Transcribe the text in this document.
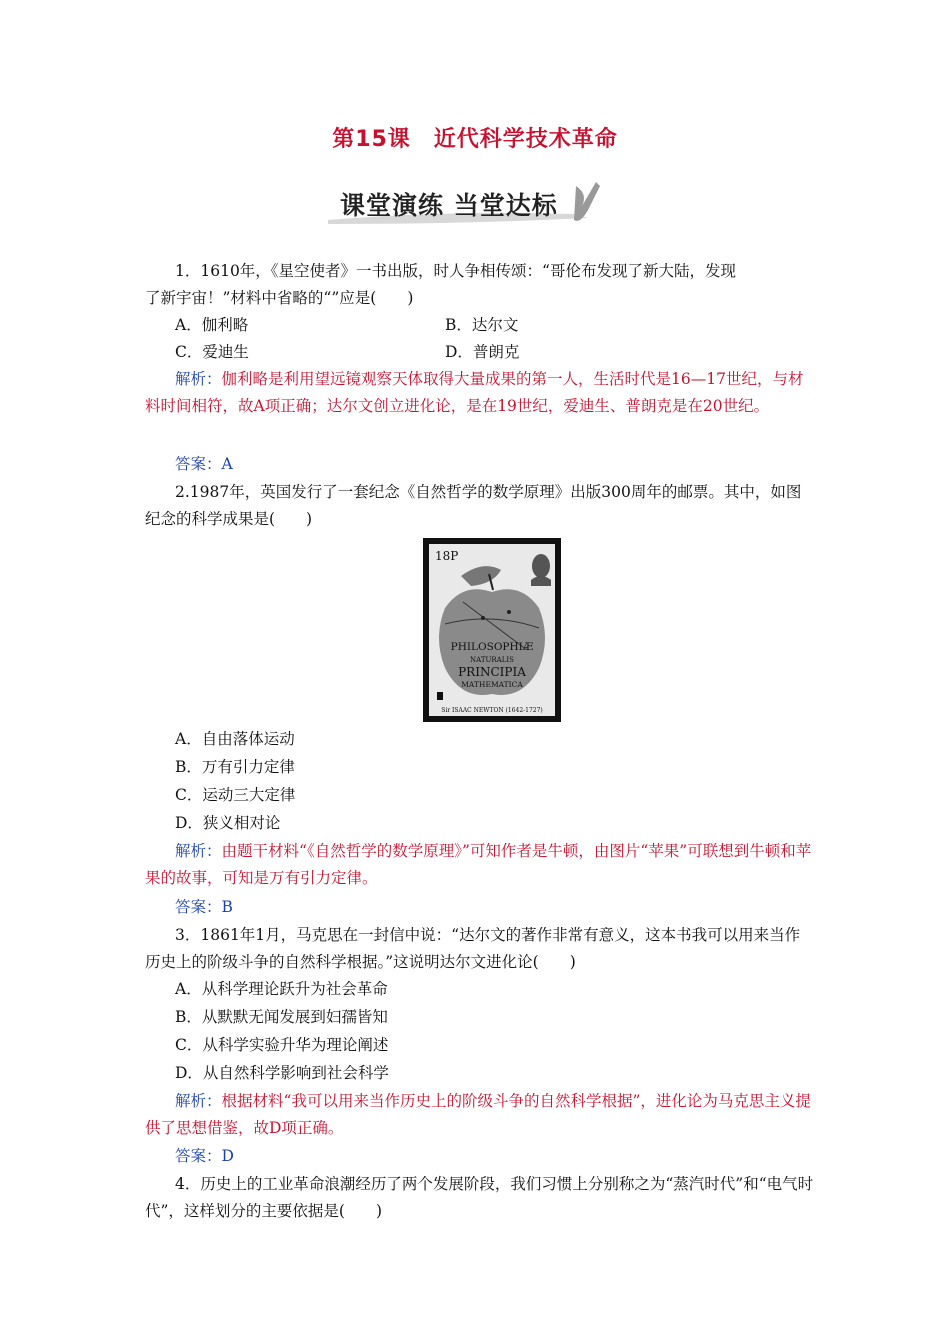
第15课　近代科学技术革命
课堂演练 当堂达标
1．1610年，《星空使者》一书出版，时人争相传颂：“哥伦布发现了新大陆，发现
了新宇宙！”材料中省略的“”应是(　　)
A．伽利略	B．达尔文
C．爱迪生	D．普朗克
解析：伽利略是利用望远镜观察天体取得大量成果的第一人，生活时代是16—17世纪，与材料时间相符，故A项正确；达尔文创立进化论，是在19世纪，爱迪生、普朗克是在20世纪。
答案：A
2.1987年，英国发行了一套纪念《自然哲学的数学原理》出版300周年的邮票。其中，如图纪念的科学成果是(　　)
18P
PHILOSOPHIÆ
NATURALIS
PRINCIPIA
MATHEMATICA
Sir ISAAC NEWTON (1642-1727)
A．自由落体运动
B．万有引力定律
C．运动三大定律
D．狭义相对论
解析：由题干材料“《自然哲学的数学原理》”可知作者是牛顿，由图片“苹果”可联想到牛顿和苹果的故事，可知是万有引力定律。
答案：B
3．1861年1月，马克思在一封信中说：“达尔文的著作非常有意义，这本书我可以用来当作历史上的阶级斗争的自然科学根据。”这说明达尔文进化论(　　)
A．从科学理论跃升为社会革命
B．从默默无闻发展到妇孺皆知
C．从科学实验升华为理论阐述
D．从自然科学影响到社会科学
解析：根据材料“我可以用来当作历史上的阶级斗争的自然科学根据”，进化论为马克思主义提供了思想借鉴，故D项正确。
答案：D
4．历史上的工业革命浪潮经历了两个发展阶段，我们习惯上分别称之为“蒸汽时代”和“电气时代”，这样划分的主要依据是(　　)
